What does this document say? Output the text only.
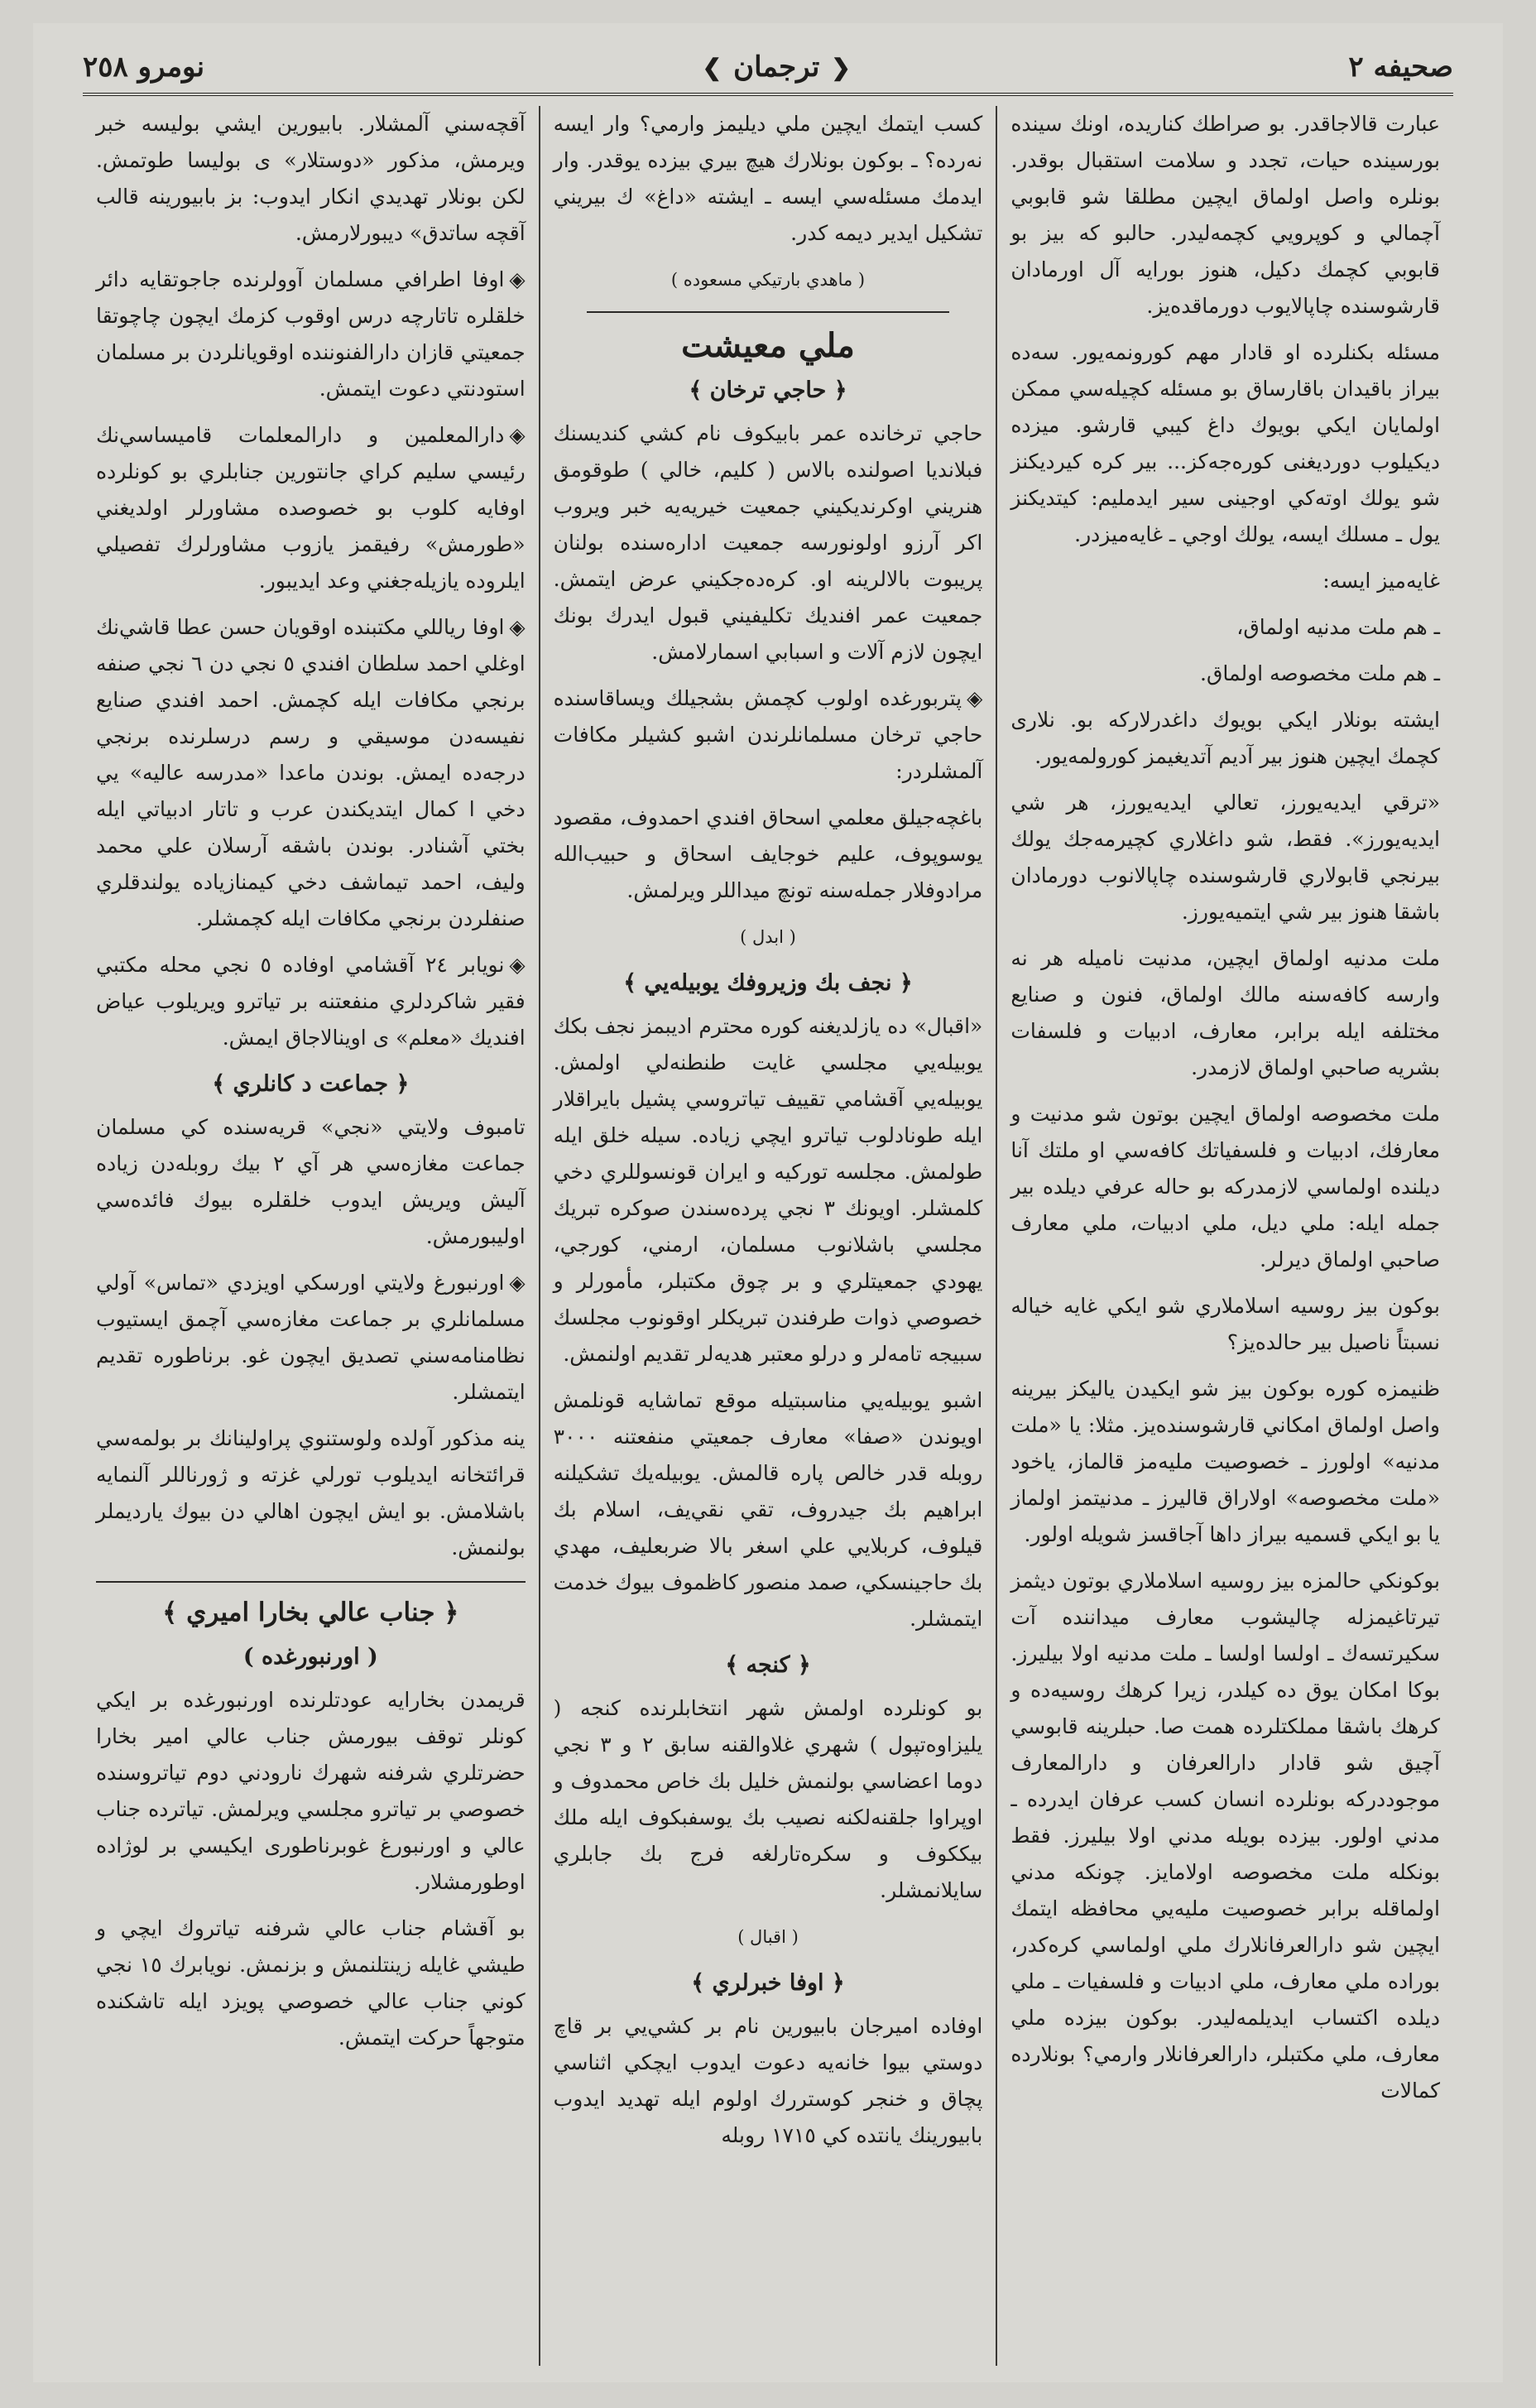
صحيفه ٢
❮
ترجمان
❯
نومرو ٢٥٨

عبارت قالاجاقدر. بو صراطك كناریده، اونك سينده بورسينده حيات، تجدد و سلامت استقبال بوقدر. بونلره واصل اولماق ايچين مطلقا شو قابوبي آچمالي و كوپرویي كچمه‌ليدر. حالبو كه بيز بو قابوبي كچمك دكيل، هنوز بورايه آل اورمادان قارشوسنده چاپالايوب دورماقده‌يز.

مسئله بكنلرده او قادار مهم كورونمه‌يور. سه‌ده بيراز باقيدان باقارساق بو مسئله كچيله‌سي ممكن اولمايان ايكي بويوك داغ كيبي قارشو. ميزده ديكيلوب دوردیغنی كوره‌جه‌كز... بير كره كيرديكنز شو يولك اوته‌كي اوجينی سير ايدمليم: كيتديكنز يول ـ مسلك ايسه، يولك اوجي ـ غايه‌ميزدر.

غايه‌ميز ايسه:

ـ هم ملت مدنيه اولماق،

ـ هم ملت مخصوصه اولماق.

ايشته بونلار ايكي بويوك داغدرلاركه بو. نلاری كچمك ايچين هنوز بير آدیم آتدیغيمز كورولمه‌يور.

«ترقي ايديه‌يورز، تعالي ايديه‌يورز، هر شي ايديه‌يورز». فقط، شو داغلاري كچيرمه‌جك يولك بيرنجي قابولاري قارشوسنده چاپالانوب دورمادان باشقا هنوز بير شي ايتميه‌يورز.

ملت مدنيه اولماق ايچين، مدنيت ناميله هر نه وارسه كافه‌سنه مالك اولماق، فنون و صنايع مختلفه ايله برابر، معارف، ادبيات و فلسفات بشريه صاحبي اولماق لازمدر.

ملت مخصوصه اولماق ايچين بوتون شو مدنيت و معارفك، ادبيات و فلسفياتك كافه‌سي او ملتك آنا ديلنده اولماسي لازمدركه بو حاله عرفي ديلده بير جمله ايله: ملي ديل، ملي ادبيات، ملي معارف صاحبي اولماق ديرلر.

بوكون بيز روسيه اسلاملاري شو ايكي غايه خياله نسبتاً ناصيل بير حالده‌يز؟

ظنيمزه كوره بوكون بيز شو ايكيدن ياليكز بيرينه واصل اولماق امكاني قارشوسنده‌يز. مثلا: يا «ملت مدنيه» اولورز ـ خصوصيت مليه‌مز قالماز، ياخود «ملت مخصوصه» اولاراق قاليرز ـ مدنيتمز اولماز يا بو ايكي قسميه بيراز داها آجاقسز شويله اولور.

بوكونكي حالمزه بيز روسيه اسلاملاري بوتون ديثمز تيرتاغيمزله چاليشوب معارف ميداننده آت سكيرتسه‌ك ـ اولسا اولسا ـ ملت مدنيه اولا بيليرز. بوكا امكان يوق ده كيلدر، زيرا كرهك روسيه‌ده و كرهك باشقا مملكتلرده همت صا. حبلرينه قابوسي آچيق شو قادار دارالعرفان و دارالمعارف موجوددركه بونلرده انسان كسب عرفان ايدرده ـ مدني اولور. بيزده بويله مدني اولا بيليرز. فقط بونكله ملت مخصوصه اولامايز. چونكه مدني اولماقله برابر خصوصيت مليه‌يي محافظه ايتمك ايچين شو دارالعرفانلارك ملي اولماسي كره‌كدر، بوراده ملي معارف، ملي ادبيات و فلسفيات ـ ملي ديلده اكتساب ايديلمه‌ليدر. بوكون بيزده ملي معارف، ملي مكتبلر، دارالعرفانلار وارمي؟ بونلارده كمالات

كسب ايتمك ايچين ملي ديليمز وارمي؟ وار ايسه نه‌رده؟ ـ بوكون بونلارك هيچ بيري بيزده يوقدر. وار ايدمك مسئله‌سي ايسه ـ ايشته «داغ» ك بيريني تشكيل ايدير ديمه كدر.

( ماهدي بارتيكي مسعوده )
ملي معيشت
﴿ حاجي ترخان ﴾

حاجي ترخانده عمر بابيكوف نام كشي كنديسنك فبلاندیا اصولنده بالاس ( كليم، خالي ) طوقومق هنريني اوكرنديكيني جمعيت خيريه‌يه خبر ويروب اكر آرزو اولونورسه جمعيت اداره‌سنده بولنان پريبوت بالالرينه او. كره‌ده‌جكيني عرض ايتمش. جمعيت عمر افنديك تكليفيني قبول ايدرك بونك ايچون لازم آلات و اسبابي اسمارلامش.

◈پتربورغده اولوب كچمش بشجيلك ويساقاسنده حاجي ترخان مسلمانلرندن اشبو كشيلر مكافات آلمشلردر:

باغچه‌جيلق معلمي اسحاق افندي احمدوف، مقصود يوسوپوف، عليم خوجايف اسحاق و حبيب‌الله مرادوفلار جمله‌سنه تونچ ميداللر ويرلمش.

( ابدل )
﴿ نجف بك وزيروفك يوبيله‌يي ﴾

«اقبال» ده يازلدیغنه كوره محترم اديبمز نجف بكك يوبيله‌يي مجلسي غايت طنطنه‌لي اولمش. يوبيله‌يي آقشامي تقييف تياتروسي پشيل بايراقلار ايله طونادلوب تياترو ايچي زياده. سيله خلق ايله طولمش. مجلسه توركيه و ايران قونسوللري دخي كلمشلر. اويونك ٣ نجي پرده‌سندن صوكره تبريك مجلسي باشلانوب مسلمان، ارمني، كورجي، يهودي جمعيتلري و بر چوق مكتبلر، مأمورلر و خصوصي ذوات طرفندن تبريكلر اوقونوب مجلسك سبيجه تامه‌لر و درلو معتبر هديه‌لر تقديم اولنمش.

اشبو يوبيله‌يي مناسبتيله موقع تماشايه قونلمش اويوندن «صفا» معارف جمعيتي منفعتنه ٣٠٠٠ روبله قدر خالص پاره قالمش. يوبيله‌يك تشكيلنه ابراهيم بك جيدروف، تقي نقي‌يف، اسلام بك قيلوف، كربلايي علي اسغر بالا ضربعليف، مهدي بك حاجينسكي، صمد منصور كاظموف بيوك خدمت ايتمشلر.

﴿ كنجه ﴾

بو كونلرده اولمش شهر انتخابلرنده كنجه ( يليزاوه‌تپول ) شهري غلاوالقنه سابق ٢ و ٣ نجي دوما اعضاسي بولنمش خليل بك خاص محمدوف و اوپراوا جلقنه‌لكنه نصيب بك يوسفبكوف ايله ملك بيككوف و سكره‌تارلغه فرج بك جابلري سايلانمشلر.

( اقبال )
﴿ اوفا خبرلري ﴾

اوفاده اميرجان بابيورين نام بر كشي‌يي بر قاچ دوستي بيوا خانه‌يه دعوت ايدوب ايچكي اثناسي پچاق و خنجر كوستررك اولوم ايله تهديد ايدوب بابيورينك يانتده كي ١٧١٥ روبله

آقچه‌سني آلمشلار. بابيورين ايشي بوليسه خبر ويرمش، مذكور «دوستلار» ى بوليسا طوتمش. لكن بونلار تهديدي انكار ايدوب: بز بابيورينه قالب آقچه ساتدق» ديبورلارمش.

◈اوفا اطرافي مسلمان آوولرنده جاجوتقايه دائر خلقلره تاتارچه درس اوقوب كزمك ايچون چاچوتقا جمعيتي قازان دارالفنوننده اوقويانلردن بر مسلمان استودنتي دعوت ايتمش.

◈دارالمعلمين و دارالمعلمات قاميساسي‌نك رئيسي سليم كراي جانتورين جنابلري بو كونلرده اوفايه كلوب بو خصوصده مشاورلر اولديغني «طورمش» رفيقمز يازوب مشاورلرك تفصيلي ايلروده يازيله‌جغني وعد ايديبور.

◈اوفا رياللي مكتبنده اوقويان حسن عطا قاشي‌نك اوغلي احمد سلطان افندي ٥ نجي دن ٦ نجي صنفه برنجي مكافات ايله كچمش. احمد افندي صنايع نفيسه‌دن موسيقي و رسم درسلرنده برنجي درجه‌ده ايمش. بوندن ماعدا «مدرسه عاليه» يي دخي ا كمال ايتديكندن عرب و تاتار ادبياتي ايله بختي آشنادر. بوندن باشقه آرسلان علي محمد وليف، احمد تيماشف دخي كيمنازياده يولندقلري صنفلردن برنجي مكافات ايله كچمشلر.

◈نويابر ٢٤ آقشامي اوفاده ٥ نجي محله مكتبي فقير شاكردلري منفعتنه بر تياترو ويريلوب عياض افنديك «معلم» ى اوينالاجاق ايمش.

﴿ جماعت د كانلري ﴾

تامبوف ولايتي «نجي» قريه‌سنده كي مسلمان جماعت مغازه‌سي هر آي ٢ بيك روبله‌دن زياده آليش ويريش ايدوب خلقلره بيوك فائده‌سي اوليبورمش.

◈اورنبورغ ولايتي اورسكي اويزدي «تماس» آولي مسلمانلري بر جماعت مغازه‌سي آچمق ايستيوب نظامنامه‌سني تصديق ايچون غو. برناطوره تقديم ايتمشلر.

ينه مذكور آولده ولوستنوي پراولينانك بر بولمه‌سي قرائتخانه ايديلوب تورلي غزته و ژورناللر آلنمايه باشلامش. بو ايش ايچون اهالي دن بيوك ياردیملر بولنمش.

﴿ جناب عالي بخارا اميري ﴾
( اورنبورغده )

قريمدن بخارايه عودتلرنده اورنبورغده بر ايكي كونلر توقف بيورمش جناب عالي امير بخارا حضرتلري شرفنه شهرك نارودني دوم تياتروسنده خصوصي بر تياترو مجلسي ويرلمش. تياترده جناب عالي و اورنبورغ غوبرناطورى ايكيسي بر لوژاده اوطورمشلار.

بو آقشام جناب عالي شرفنه تياتروك ايچي و طيشي غايله زينتلنمش و بزنمش. نويابرك ١٥ نجي كوني جناب عالي خصوصي پويزد ايله تاشكنده متوجهاً حركت ايتمش.
